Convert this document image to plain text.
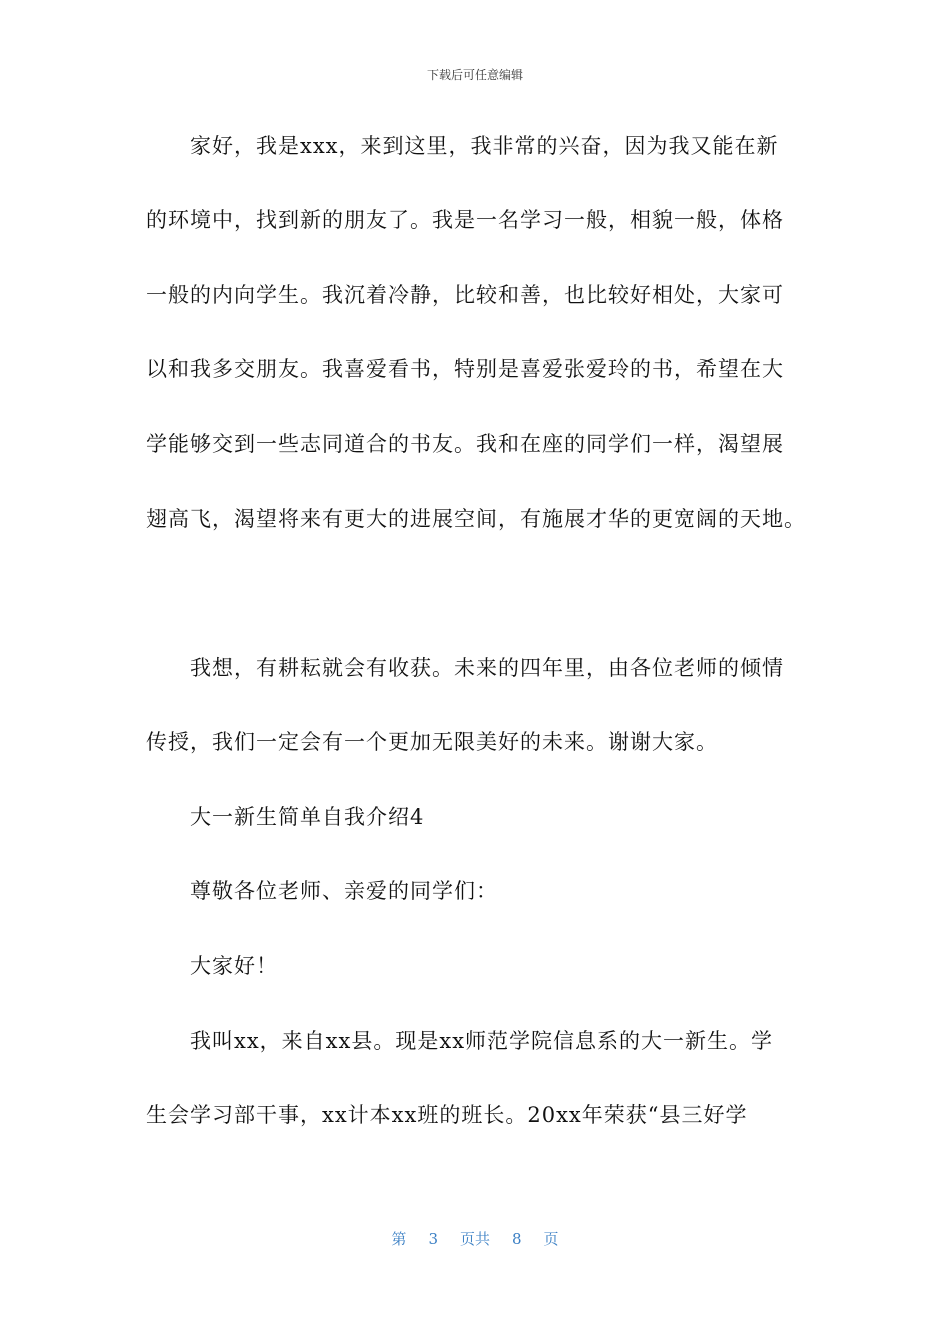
下载后可任意编辑
家好，我是xxx，来到这里，我非常的兴奋，因为我又能在新
的环境中，找到新的朋友了。我是一名学习一般，相貌一般，体格
一般的内向学生。我沉着冷静，比较和善，也比较好相处，大家可
以和我多交朋友。我喜爱看书，特别是喜爱张爱玲的书，希望在大
学能够交到一些志同道合的书友。我和在座的同学们一样，渴望展
翅高飞，渴望将来有更大的进展空间，有施展才华的更宽阔的天地。
我想，有耕耘就会有收获。未来的四年里，由各位老师的倾情
传授，我们一定会有一个更加无限美好的未来。谢谢大家。
大一新生简单自我介绍4
尊敬各位老师、亲爱的同学们：
大家好！
我叫xx，来自xx县。现是xx师范学院信息系的大一新生。学
生会学习部干事，xx计本xx班的班长。20xx年荣获“县三好学
第 3 页共 8 页
